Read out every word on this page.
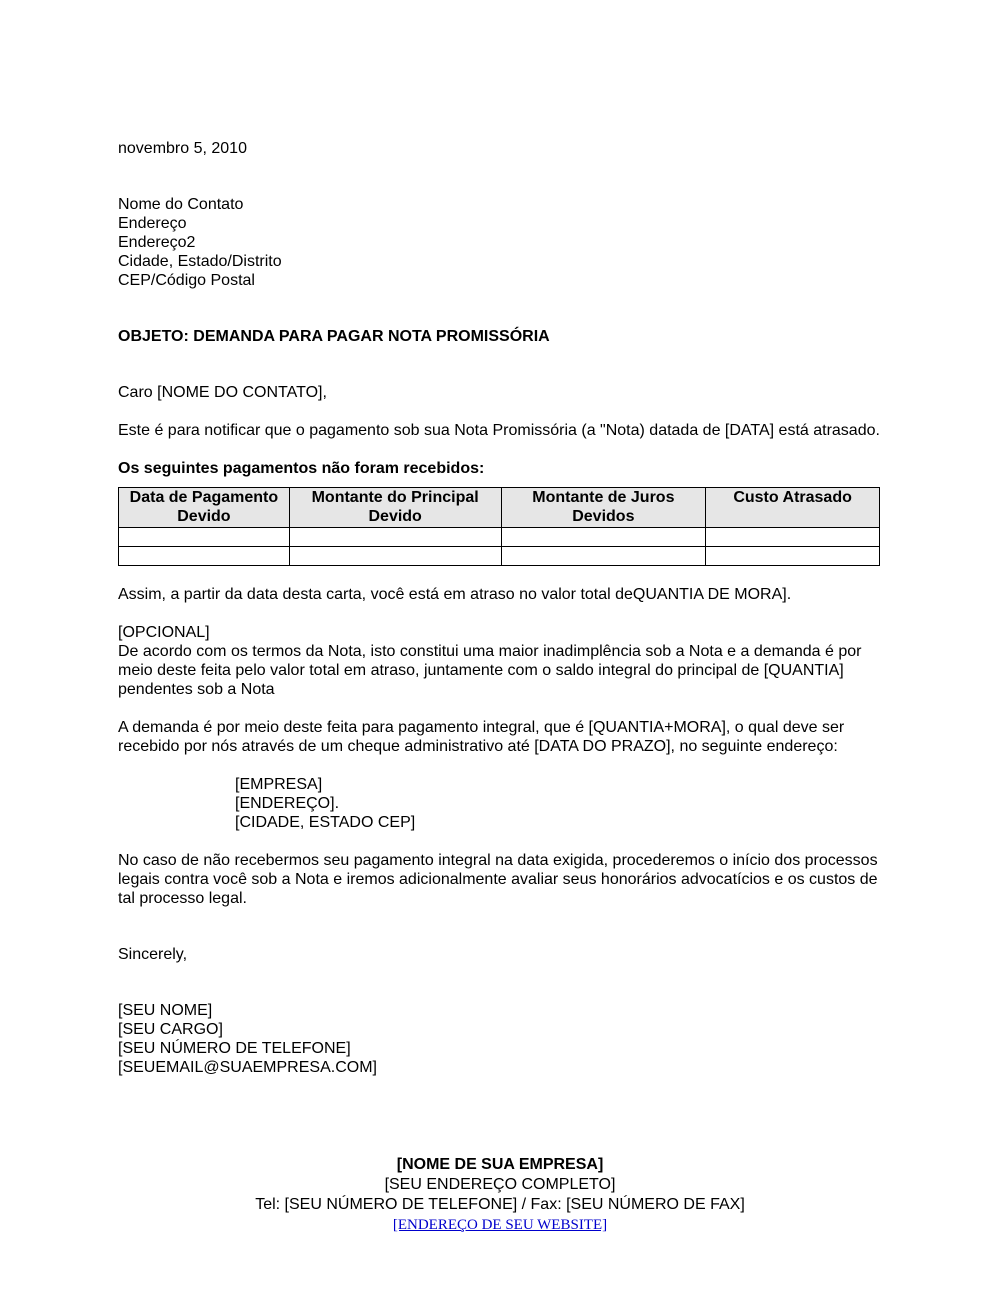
novembro 5, 2010
Nome do Contato
Endereço
Endereço2
Cidade, Estado/Distrito
CEP/Código Postal
OBJETO: DEMANDA PARA PAGAR NOTA PROMISSÓRIA
Caro [NOME DO CONTATO],

Este é para notificar que o pagamento sob sua Nota Promissória (a "Nota) datada de [DATA] está atrasado.

Os seguintes pagamentos não foram recebidos:
Data de Pagamento Devido	Montante do Principal Devido	Montante de Juros Devidos	Custo Atrasado

Assim, a partir da data desta carta, você está em atraso no valor total deQUANTIA DE MORA].

[OPCIONAL]
De acordo com os termos da Nota, isto constitui uma maior inadimplência sob a Nota e a demanda é por meio deste feita pelo valor total em atraso, juntamente com o saldo integral do principal de [QUANTIA] pendentes sob a Nota

A demanda é por meio deste feita para pagamento integral, que é [QUANTIA+MORA], o qual deve ser recebido por nós através de um cheque administrativo até [DATA DO PRAZO], no seguinte endereço:

[EMPRESA]
[ENDEREÇO].
[CIDADE, ESTADO CEP]

No caso de não recebermos seu pagamento integral na data exigida, procederemos o início dos processos legais contra você sob a Nota e iremos adicionalmente avaliar seus honorários advocatícios e os custos de tal processo legal.

Sincerely,
[SEU NOME]
[SEU CARGO]
[SEU NÚMERO DE TELEFONE]
[SEUEMAIL@SUAEMPRESA.COM]
[NOME DE SUA EMPRESA]
[SEU ENDEREÇO COMPLETO]
Tel: [SEU NÚMERO DE TELEFONE] / Fax: [SEU NÚMERO DE FAX]
[ENDEREÇO DE SEU WEBSITE]
